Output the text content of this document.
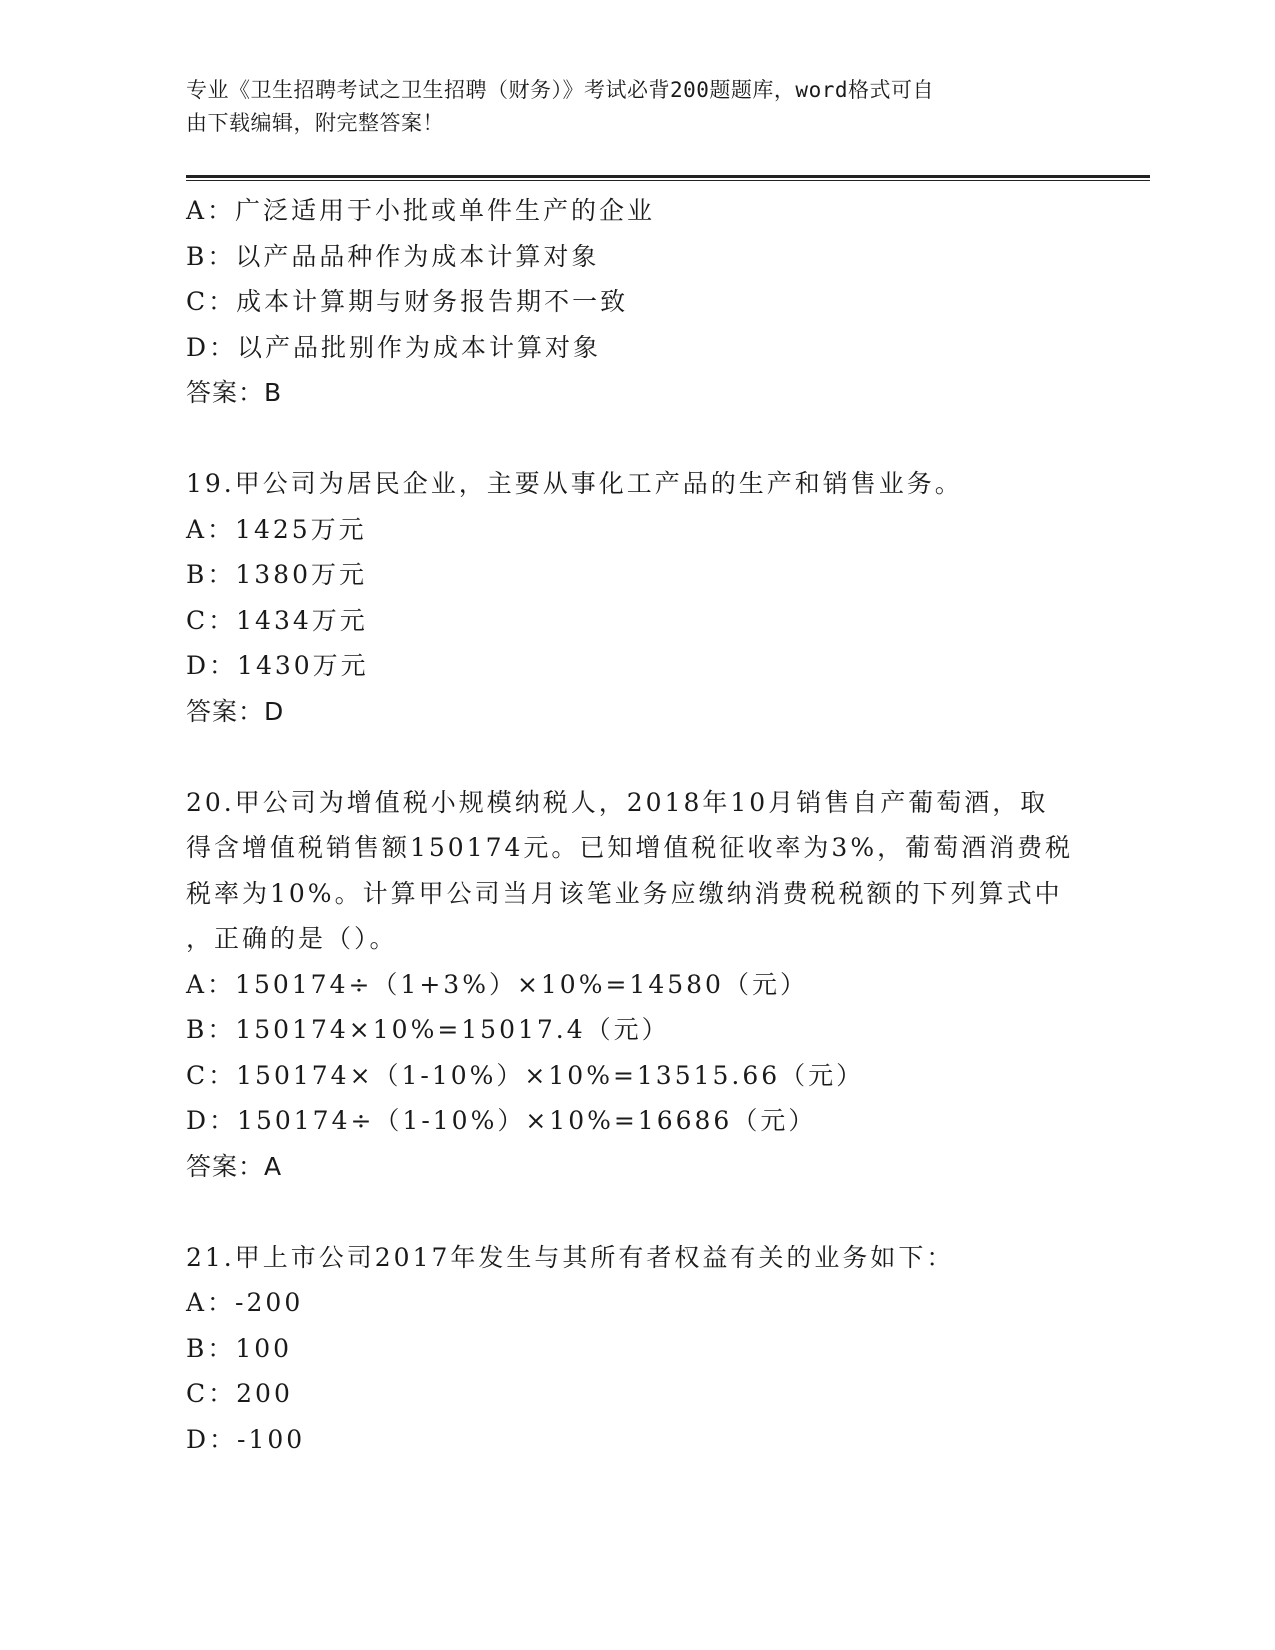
专业《卫生招聘考试之卫生招聘（财务）》考试必背200题题库，word格式可自
由下载编辑，附完整答案！
A：广泛适用于小批或单件生产的企业
B：以产品品种作为成本计算对象
C：成本计算期与财务报告期不一致
D：以产品批别作为成本计算对象
答案：B
19.甲公司为居民企业，主要从事化工产品的生产和销售业务。
A：1425万元
B：1380万元
C：1434万元
D：1430万元
答案：D
20.甲公司为增值税小规模纳税人，2018年10月销售自产葡萄酒，取
得含增值税销售额150174元。已知增值税征收率为3%，葡萄酒消费税
税率为10%。计算甲公司当月该笔业务应缴纳消费税税额的下列算式中
，正确的是（）。
A：150174÷（1+3%）×10%=14580（元）
B：150174×10%=15017.4（元）
C：150174×（1-10%）×10%=13515.66（元）
D：150174÷（1-10%）×10%=16686（元）
答案：A
21.甲上市公司2017年发生与其所有者权益有关的业务如下：
A：-200
B：100
C：200
D：-100
